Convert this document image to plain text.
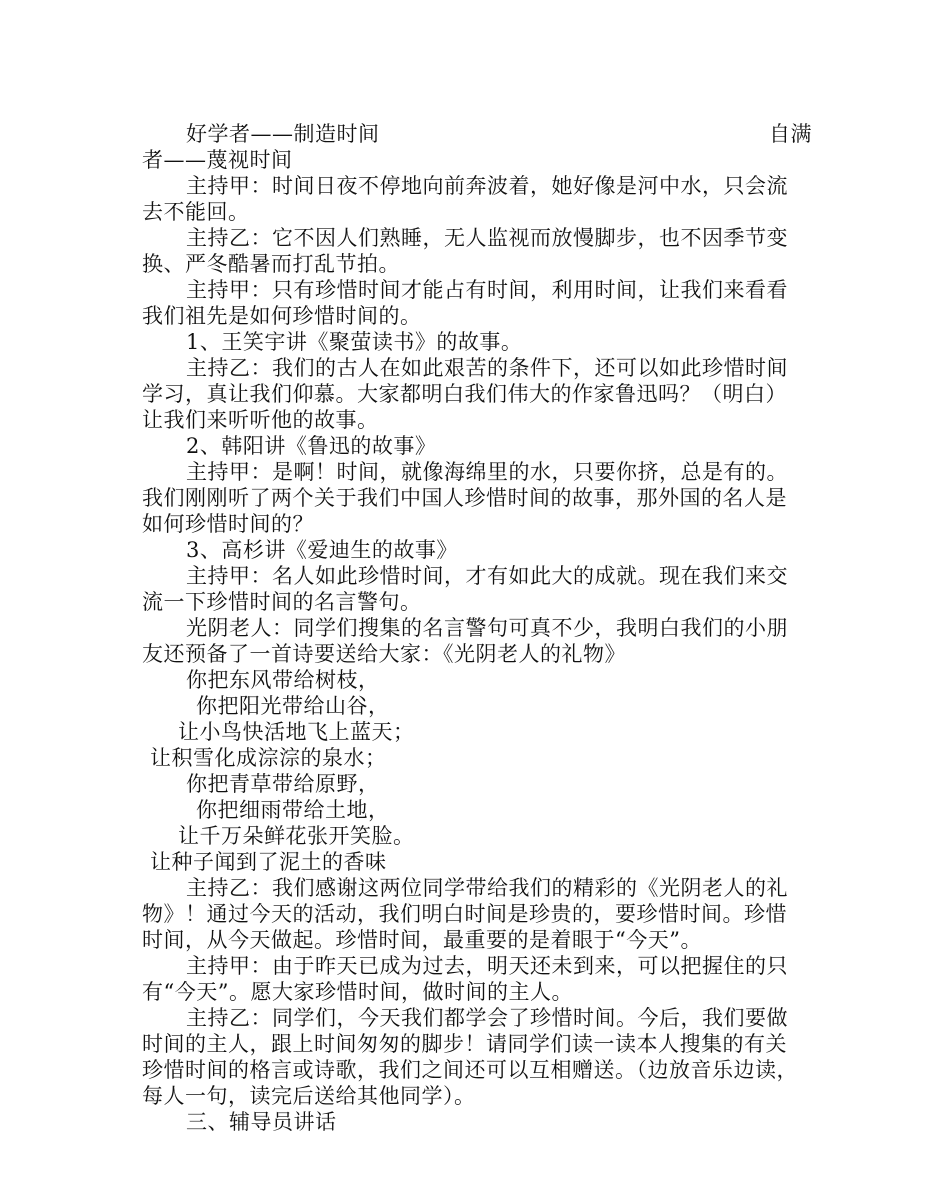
好学者——制造时间	自满
者——蔑视时间
主持甲：时间日夜不停地向前奔波着，她好像是河中水，只会流
去不能回。
主持乙：它不因人们熟睡，无人监视而放慢脚步，也不因季节变
换、严冬酷暑而打乱节拍。
主持甲：只有珍惜时间才能占有时间，利用时间，让我们来看看
我们祖先是如何珍惜时间的。
1、王笑宇讲《聚萤读书》的故事。
主持乙：我们的古人在如此艰苦的条件下，还可以如此珍惜时间
学习，真让我们仰慕。大家都明白我们伟大的作家鲁迅吗？（明白）
让我们来听听他的故事。
2、韩阳讲《鲁迅的故事》
主持甲：是啊！时间，就像海绵里的水，只要你挤，总是有的。
我们刚刚听了两个关于我们中国人珍惜时间的故事，那外国的名人是
如何珍惜时间的？
3、高杉讲《爱迪生的故事》
主持甲：名人如此珍惜时间，才有如此大的成就。现在我们来交
流一下珍惜时间的名言警句。
光阴老人：同学们搜集的名言警句可真不少，我明白我们的小朋
友还预备了一首诗要送给大家：《光阴老人的礼物》
你把东风带给树枝，
你把阳光带给山谷，
让小鸟快活地飞上蓝天；
让积雪化成淙淙的泉水；
你把青草带给原野，
你把细雨带给土地，
让千万朵鲜花张开笑脸。
让种子闻到了泥土的香味
主持乙：我们感谢这两位同学带给我们的精彩的《光阴老人的礼
物》！通过今天的活动，我们明白时间是珍贵的，要珍惜时间。珍惜
时间，从今天做起。珍惜时间，最重要的是着眼于“今天”。
主持甲：由于昨天已成为过去，明天还未到来，可以把握住的只
有“今天”。愿大家珍惜时间，做时间的主人。
主持乙：同学们，今天我们都学会了珍惜时间。今后，我们要做
时间的主人，跟上时间匆匆的脚步！请同学们读一读本人搜集的有关
珍惜时间的格言或诗歌，我们之间还可以互相赠送。（边放音乐边读，
每人一句，读完后送给其他同学）。
三、辅导员讲话
